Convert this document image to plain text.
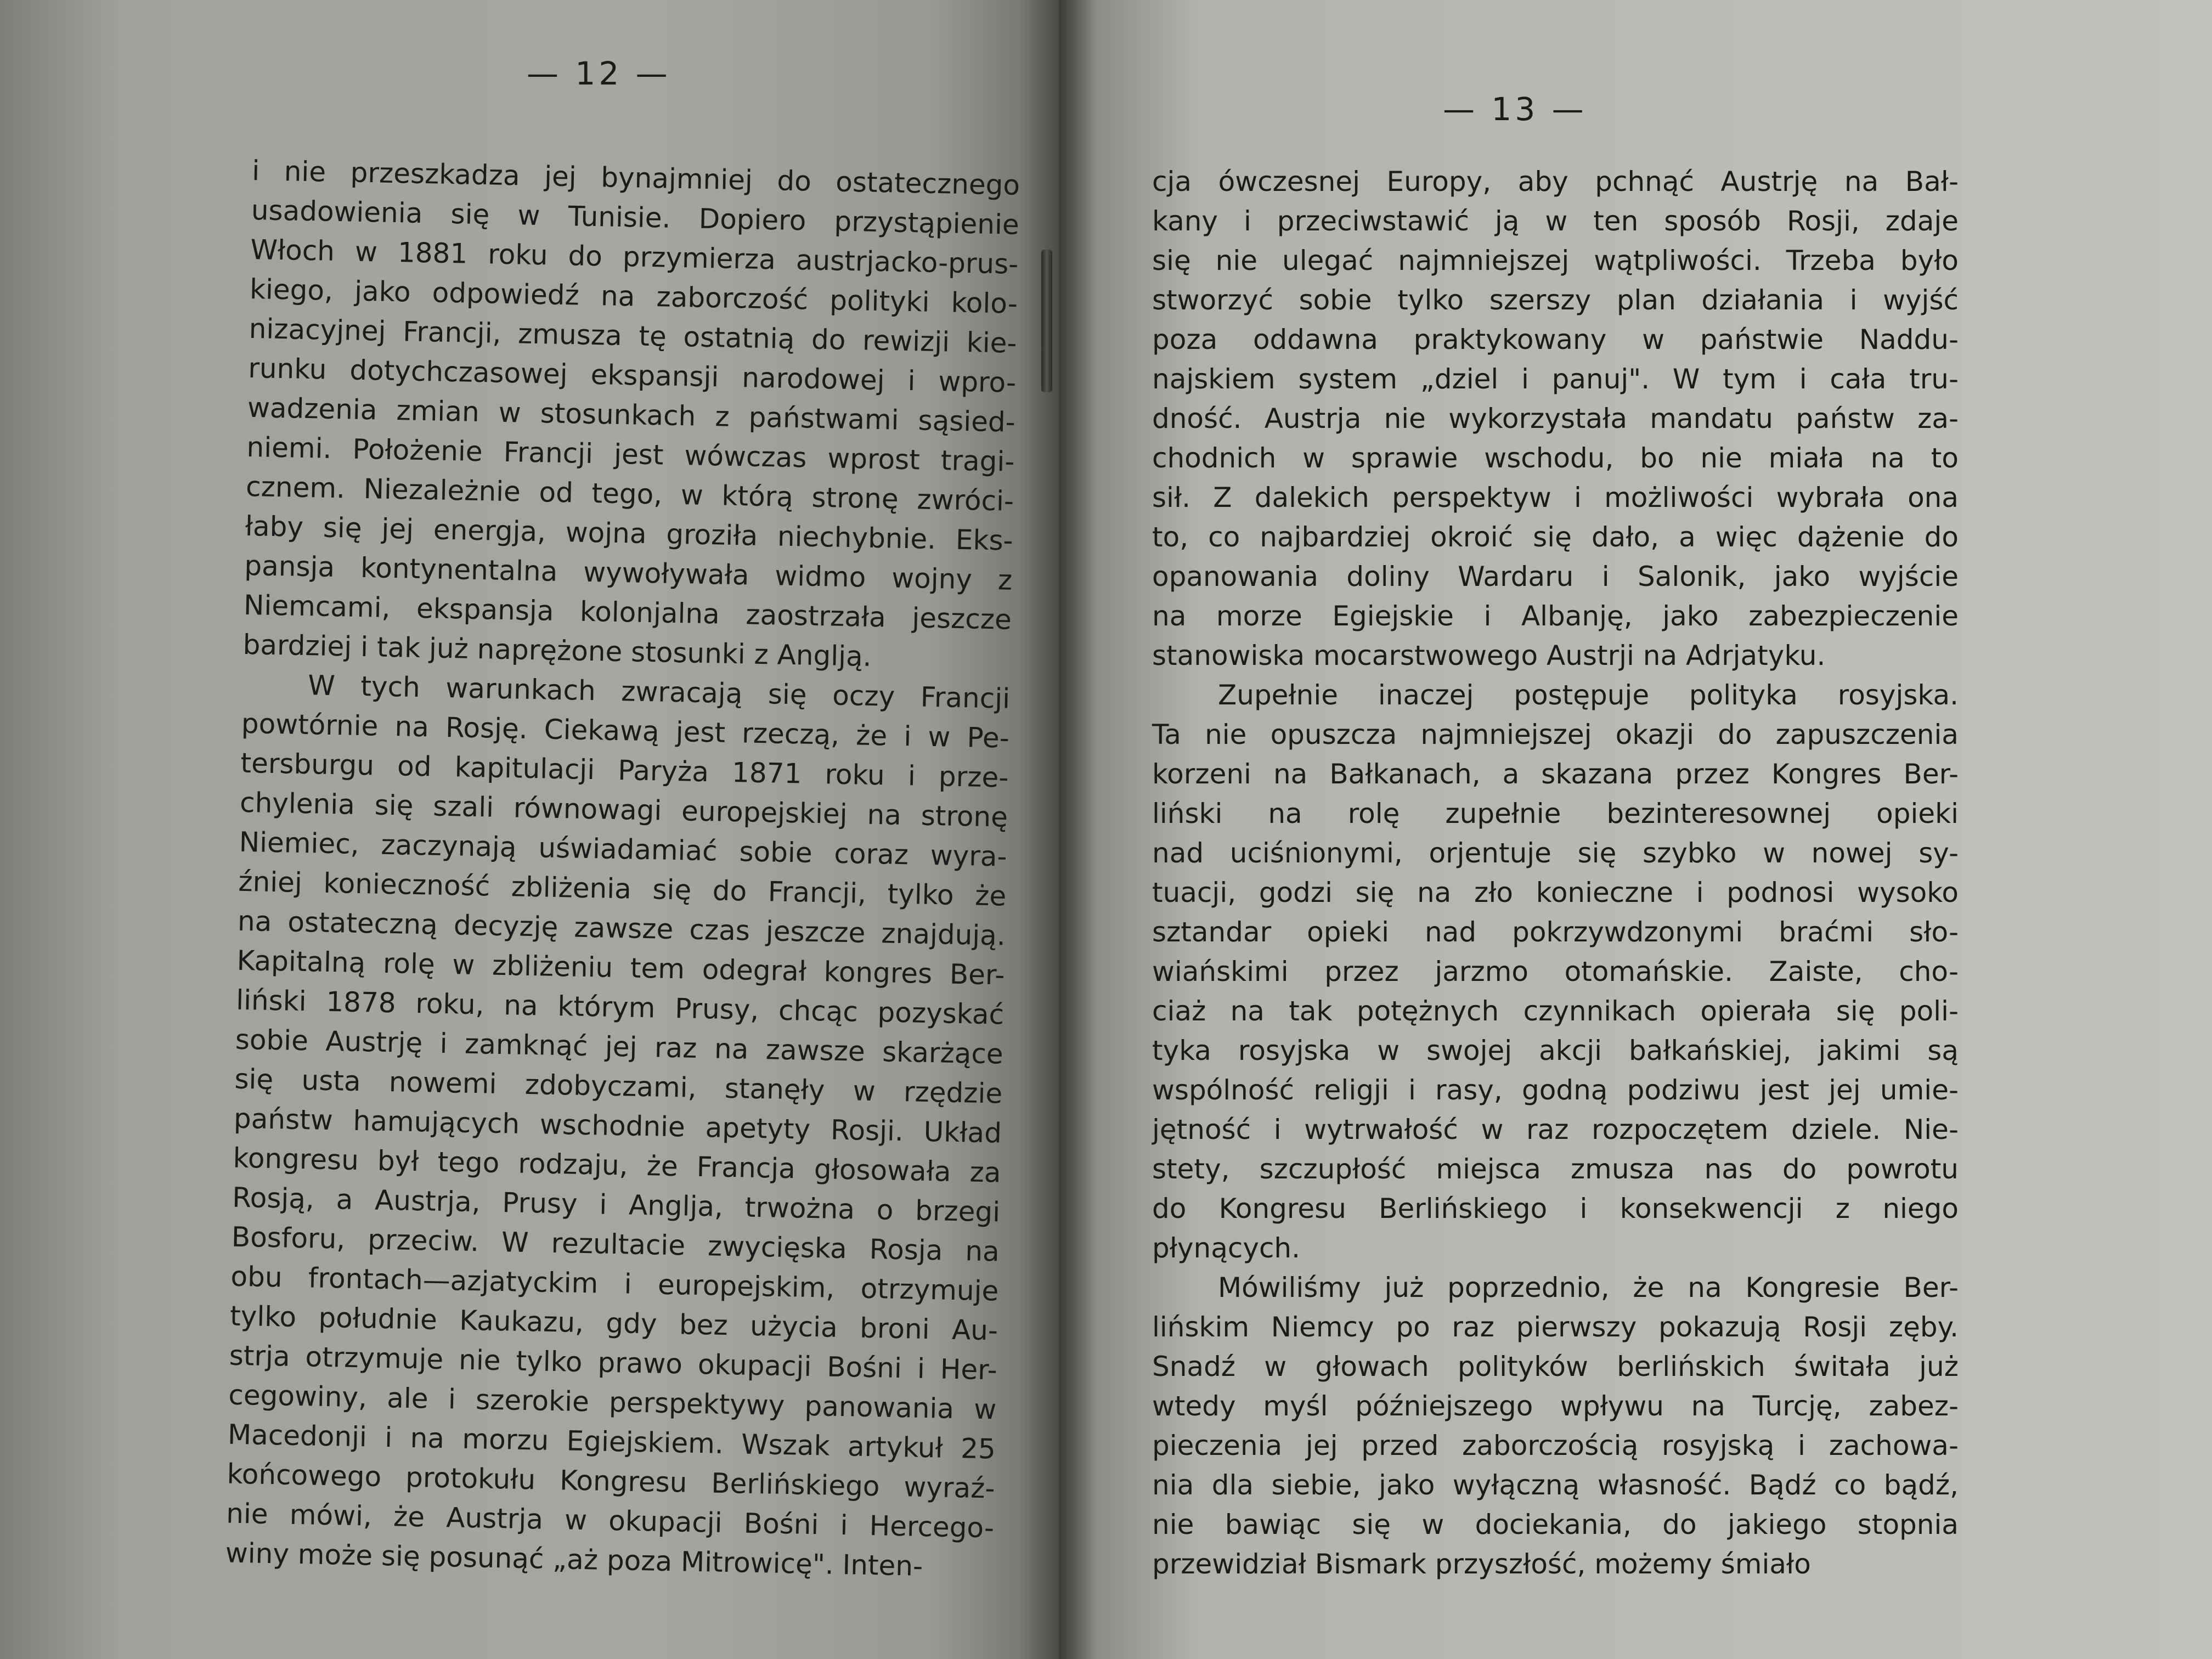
— 12 —
i nie przeszkadza jej bynajmniej do ostatecznego
usadowienia się w Tunisie. Dopiero przystąpienie
Włoch w 1881 roku do przymierza austrjacko-prus-
kiego, jako odpowiedź na zaborczość polityki kolo-
nizacyjnej Francji, zmusza tę ostatnią do rewizji kie-
runku dotychczasowej ekspansji narodowej i wpro-
wadzenia zmian w stosunkach z państwami sąsied-
niemi. Położenie Francji jest wówczas wprost tragi-
cznem. Niezależnie od tego, w którą stronę zwróci-
łaby się jej energja, wojna groziła niechybnie. Eks-
pansja kontynentalna wywoływała widmo wojny z
Niemcami, ekspansja kolonjalna zaostrzała jeszcze
bardziej i tak już naprężone stosunki z Anglją.
W tych warunkach zwracają się oczy Francji
powtórnie na Rosję. Ciekawą jest rzeczą, że i w Pe-
tersburgu od kapitulacji Paryża 1871 roku i prze-
chylenia się szali równowagi europejskiej na stronę
Niemiec, zaczynają uświadamiać sobie coraz wyra-
źniej konieczność zbliżenia się do Francji, tylko że
na ostateczną decyzję zawsze czas jeszcze znajdują.
Kapitalną rolę w zbliżeniu tem odegrał kongres Ber-
liński 1878 roku, na którym Prusy, chcąc pozyskać
sobie Austrję i zamknąć jej raz na zawsze skarżące
się usta nowemi zdobyczami, stanęły w rzędzie
państw hamujących wschodnie apetyty Rosji. Układ
kongresu był tego rodzaju, że Francja głosowała za
Rosją, a Austrja, Prusy i Anglja, trwożna o brzegi
Bosforu, przeciw. W rezultacie zwycięska Rosja na
obu frontach—azjatyckim i europejskim, otrzymuje
tylko południe Kaukazu, gdy bez użycia broni Au-
strja otrzymuje nie tylko prawo okupacji Bośni i Her-
cegowiny, ale i szerokie perspektywy panowania w
Macedonji i na morzu Egiejskiem. Wszak artykuł 25
końcowego protokułu Kongresu Berlińskiego wyraź-
nie mówi, że Austrja w okupacji Bośni i Hercego-
winy może się posunąć „aż poza Mitrowicę". Inten-
— 13 —
cja ówczesnej Europy, aby pchnąć Austrję na Bał-
kany i przeciwstawić ją w ten sposób Rosji, zdaje
się nie ulegać najmniejszej wątpliwości. Trzeba było
stworzyć sobie tylko szerszy plan działania i wyjść
poza oddawna praktykowany w państwie Naddu-
najskiem system „dziel i panuj". W tym i cała tru-
dność. Austrja nie wykorzystała mandatu państw za-
chodnich w sprawie wschodu, bo nie miała na to
sił. Z dalekich perspektyw i możliwości wybrała ona
to, co najbardziej okroić się dało, a więc dążenie do
opanowania doliny Wardaru i Salonik, jako wyjście
na morze Egiejskie i Albanję, jako zabezpieczenie
stanowiska mocarstwowego Austrji na Adrjatyku.
Zupełnie inaczej postępuje polityka rosyjska.
Ta nie opuszcza najmniejszej okazji do zapuszczenia
korzeni na Bałkanach, a skazana przez Kongres Ber-
liński na rolę zupełnie bezinteresownej opieki
nad uciśnionymi, orjentuje się szybko w nowej sy-
tuacji, godzi się na zło konieczne i podnosi wysoko
sztandar opieki nad pokrzywdzonymi braćmi sło-
wiańskimi przez jarzmo otomańskie. Zaiste, cho-
ciaż na tak potężnych czynnikach opierała się poli-
tyka rosyjska w swojej akcji bałkańskiej, jakimi są
wspólność religji i rasy, godną podziwu jest jej umie-
jętność i wytrwałość w raz rozpoczętem dziele. Nie-
stety, szczupłość miejsca zmusza nas do powrotu
do Kongresu Berlińskiego i konsekwencji z niego
płynących.
Mówiliśmy już poprzednio, że na Kongresie Ber-
lińskim Niemcy po raz pierwszy pokazują Rosji zęby.
Snadź w głowach polityków berlińskich świtała już
wtedy myśl późniejszego wpływu na Turcję, zabez-
pieczenia jej przed zaborczością rosyjską i zachowa-
nia dla siebie, jako wyłączną własność. Bądź co bądź,
nie bawiąc się w dociekania, do jakiego stopnia
przewidział Bismark przyszłość, możemy śmiało
